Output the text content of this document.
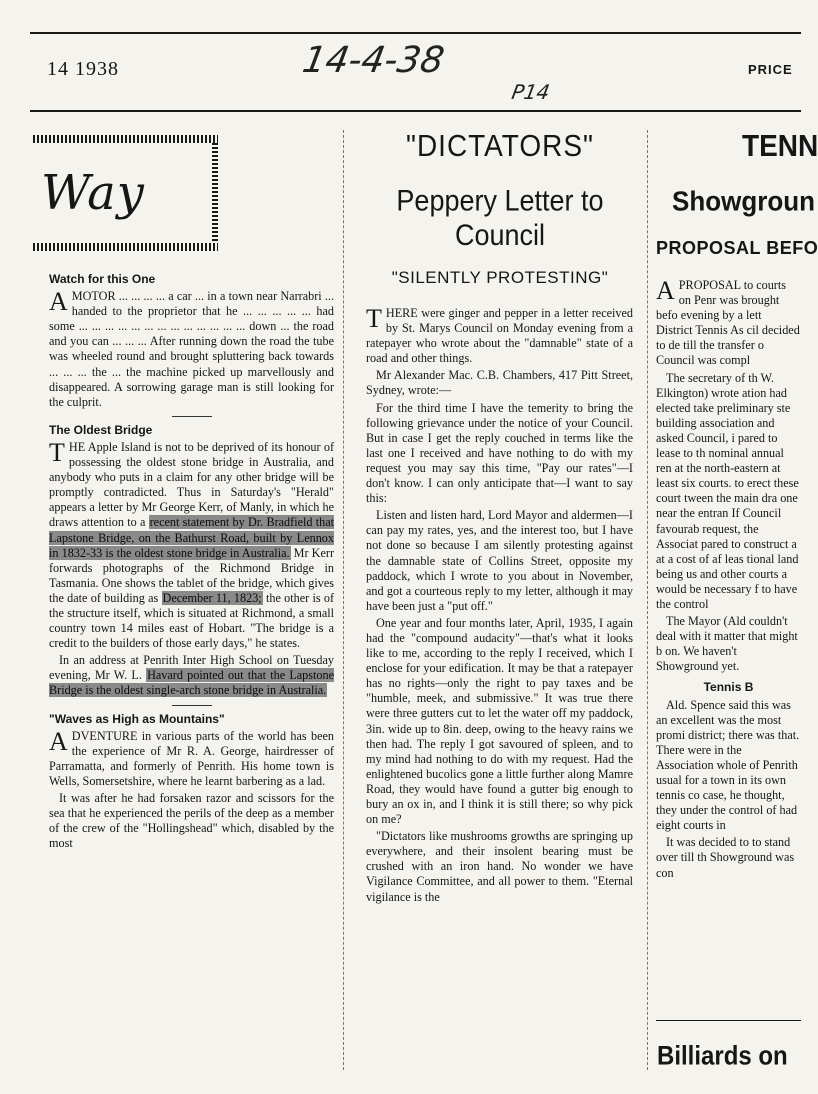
14 1938	14-4-38
P14
PRICE
Way
Watch for this One

AMOTOR ... ... ... ... a car ... in a town near Narrabri ... handed to the proprietor that he ... ... ... ... ... had some ... ... ... ... ... ... ... ... ... ... ... ... ... down ... the road and you can ... ... ... After running down the road the tube was wheeled round and brought spluttering back towards ... ... ... the ... the machine picked up marvellously and disappeared. A sorrowing garage man is still looking for the culprit.

The Oldest Bridge

THE Apple Island is not to be deprived of its honour of possessing the oldest stone bridge in Australia, and anybody who puts in a claim for any other bridge will be promptly contradicted. Thus in Saturday's "Herald" appears a letter by Mr George Kerr, of Manly, in which he draws attention to a recent statement by Dr. Bradfield that Lapstone Bridge, on the Bathurst Road, built by Lennox in 1832-33 is the oldest stone bridge in Australia. Mr Kerr forwards photographs of the Richmond Bridge in Tasmania. One shows the tablet of the bridge, which gives the date of building as December 11, 1823; the other is of the structure itself, which is situated at Richmond, a small country town 14 miles east of Hobart. "The bridge is a credit to the builders of those early days," he states.

In an address at Penrith Inter High School on Tuesday evening, Mr W. L. Havard pointed out that the Lapstone Bridge is the oldest single-arch stone bridge in Australia.

"Waves as High as Mountains"

ADVENTURE in various parts of the world has been the experience of Mr R. A. George, hairdresser of Parramatta, and formerly of Penrith. His home town is Wells, Somersetshire, where he learnt barbering as a lad.

It was after he had forsaken razor and scissors for the sea that he experienced the perils of the deep as a member of the crew of the "Hollingshead" which, disabled by the most

"DICTATORS"
Peppery Letter to Council
"SILENTLY PROTESTING"

THERE were ginger and pepper in a letter received by St. Marys Council on Monday evening from a ratepayer who wrote about the "damnable" state of a road and other things.

Mr Alexander Mac. C.B. Chambers, 417 Pitt Street, Sydney, wrote:—

For the third time I have the temerity to bring the following grievance under the notice of your Council. But in case I get the reply couched in terms like the last one I received and have nothing to do with my request you may say this time, "Pay our rates"—I don't know. I can only anticipate that—I want to say this:

Listen and listen hard, Lord Mayor and aldermen—I can pay my rates, yes, and the interest too, but I have not done so because I am silently protesting against the damnable state of Collins Street, opposite my paddock, which I wrote to you about in November, and got a courteous reply to my letter, although it may have been just a "put off."

One year and four months later, April, 1935, I again had the "compound audacity"—that's what it looks like to me, according to the reply I received, which I enclose for your edification. It may be that a ratepayer has no rights—only the right to pay taxes and be "humble, meek, and submissive." It was true there were three gutters cut to let the water off my paddock, 3in. wide up to 8in. deep, owing to the heavy rains we then had. The reply I got savoured of spleen, and to my mind had nothing to do with my request. Had the enlightened bucolics gone a little further along Mamre Road, they would have found a gutter big enough to bury an ox in, and I think it is still there; so why pick on me?

"Dictators like mushrooms growths are springing up everywhere, and their insolent bearing must be crushed with an iron hand. No wonder we have Vigilance Committee, and all power to them. "Eternal vigilance is the

TENN
Showgroun
PROPOSAL BEFO

APROPOSAL to courts on Penr was brought befo evening by a lett District Tennis As cil decided to de till the transfer o Council was compl

The secretary of th W. Elkington) wrote ation had elected take preliminary ste building association and asked Council, i pared to lease to th nominal annual ren at the north-eastern at least six courts. to erect these court tween the main dra one near the entran If Council favourab request, the Associat pared to construct a at a cost of af leas tional land being us and other courts a would be necessary f to have the control

The Mayor (Ald couldn't deal with it matter that might b on. We haven't Showground yet.

Tennis B

Ald. Spence said this was an excellent was the most promi district; there was that. There were in the Association whole of Penrith usual for a town in its own tennis co case, he thought, they under the control of had eight courts in

It was decided to to stand over till th Showground was con

Billiards on
